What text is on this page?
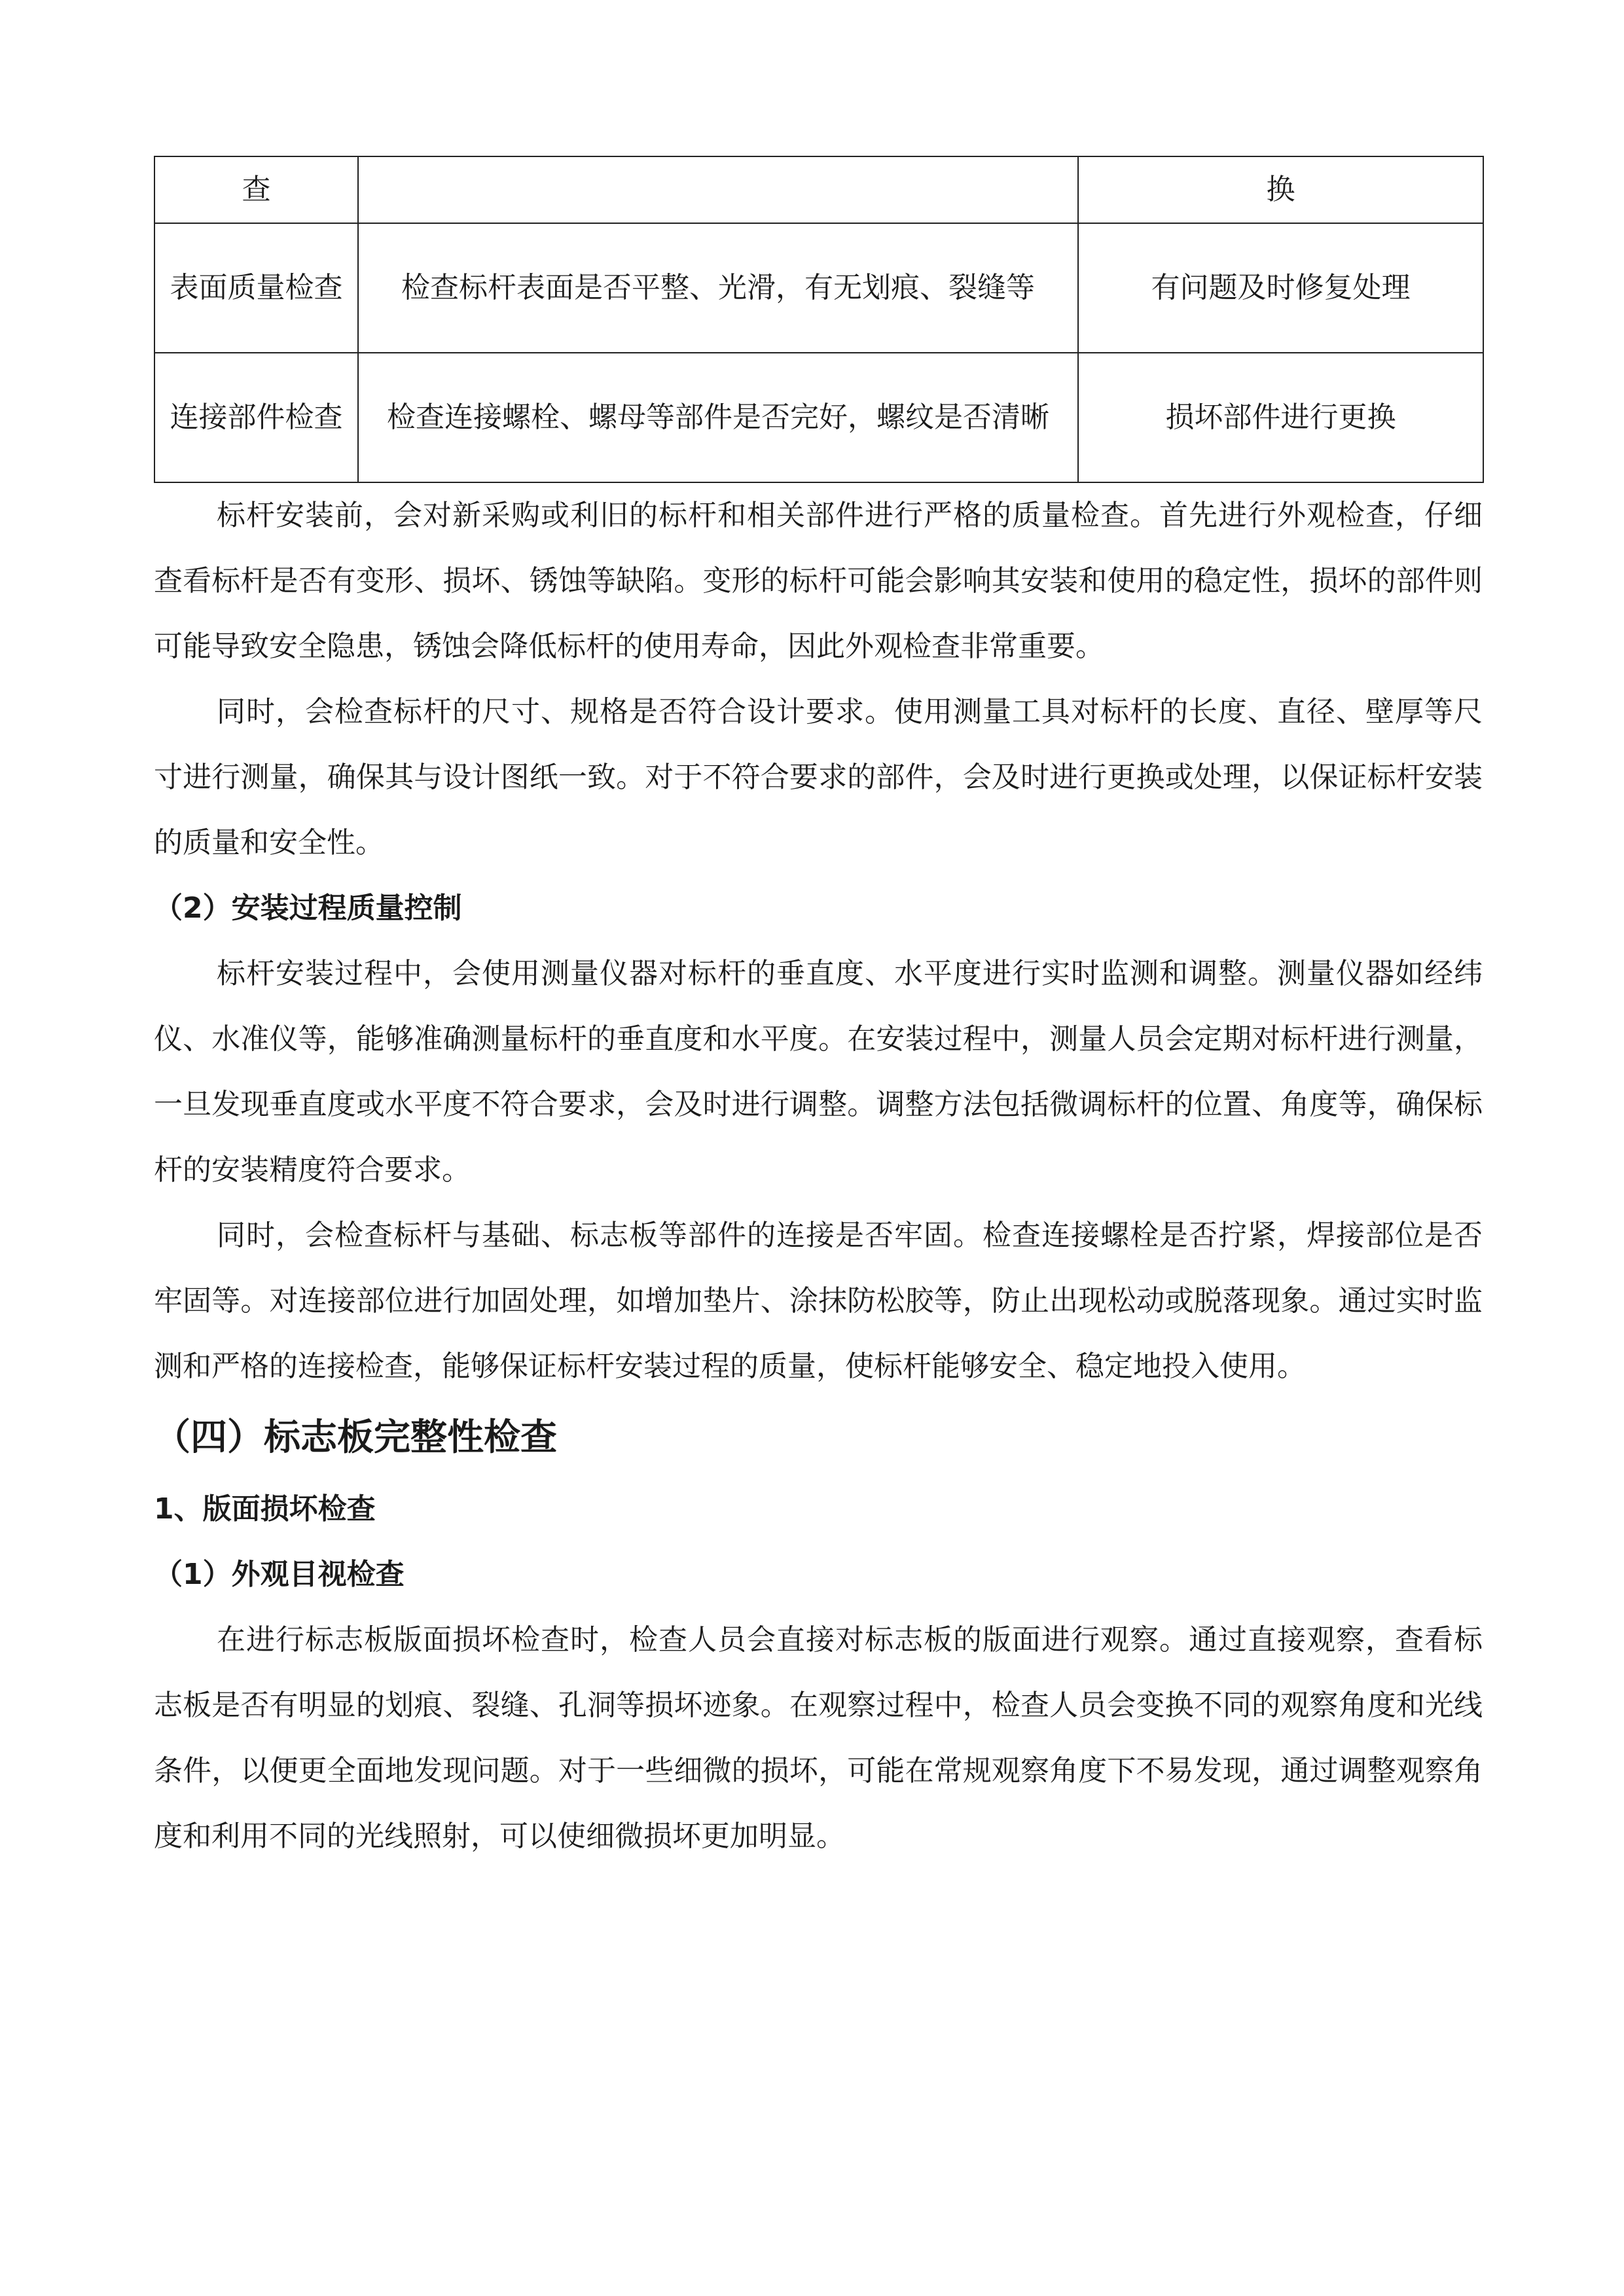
查		换
表面质量检查	检查标杆表面是否平整、光滑，有无划痕、裂缝等	有问题及时修复处理
连接部件检查	检查连接螺栓、螺母等部件是否完好，螺纹是否清晰	损坏部件进行更换

标杆安装前，会对新采购或利旧的标杆和相关部件进行严格的质量检查。首先进行外观检查，仔细查看标杆是否有变形、损坏、锈蚀等缺陷。变形的标杆可能会影响其安装和使用的稳定性，损坏的部件则可能导致安全隐患，锈蚀会降低标杆的使用寿命，因此外观检查非常重要。

同时，会检查标杆的尺寸、规格是否符合设计要求。使用测量工具对标杆的长度、直径、壁厚等尺寸进行测量，确保其与设计图纸一致。对于不符合要求的部件，会及时进行更换或处理，以保证标杆安装的质量和安全性。

（2）安装过程质量控制

标杆安装过程中，会使用测量仪器对标杆的垂直度、水平度进行实时监测和调整。测量仪器如经纬仪、水准仪等，能够准确测量标杆的垂直度和水平度。在安装过程中，测量人员会定期对标杆进行测量，一旦发现垂直度或水平度不符合要求，会及时进行调整。调整方法包括微调标杆的位置、角度等，确保标杆的安装精度符合要求。

同时，会检查标杆与基础、标志板等部件的连接是否牢固。检查连接螺栓是否拧紧，焊接部位是否牢固等。对连接部位进行加固处理，如增加垫片、涂抹防松胶等，防止出现松动或脱落现象。通过实时监测和严格的连接检查，能够保证标杆安装过程的质量，使标杆能够安全、稳定地投入使用。

（四）标志板完整性检查
1、版面损坏检查
（1）外观目视检查

在进行标志板版面损坏检查时，检查人员会直接对标志板的版面进行观察。通过直接观察，查看标志板是否有明显的划痕、裂缝、孔洞等损坏迹象。在观察过程中，检查人员会变换不同的观察角度和光线条件，以便更全面地发现问题。对于一些细微的损坏，可能在常规观察角度下不易发现，通过调整观察角度和利用不同的光线照射，可以使细微损坏更加明显。
